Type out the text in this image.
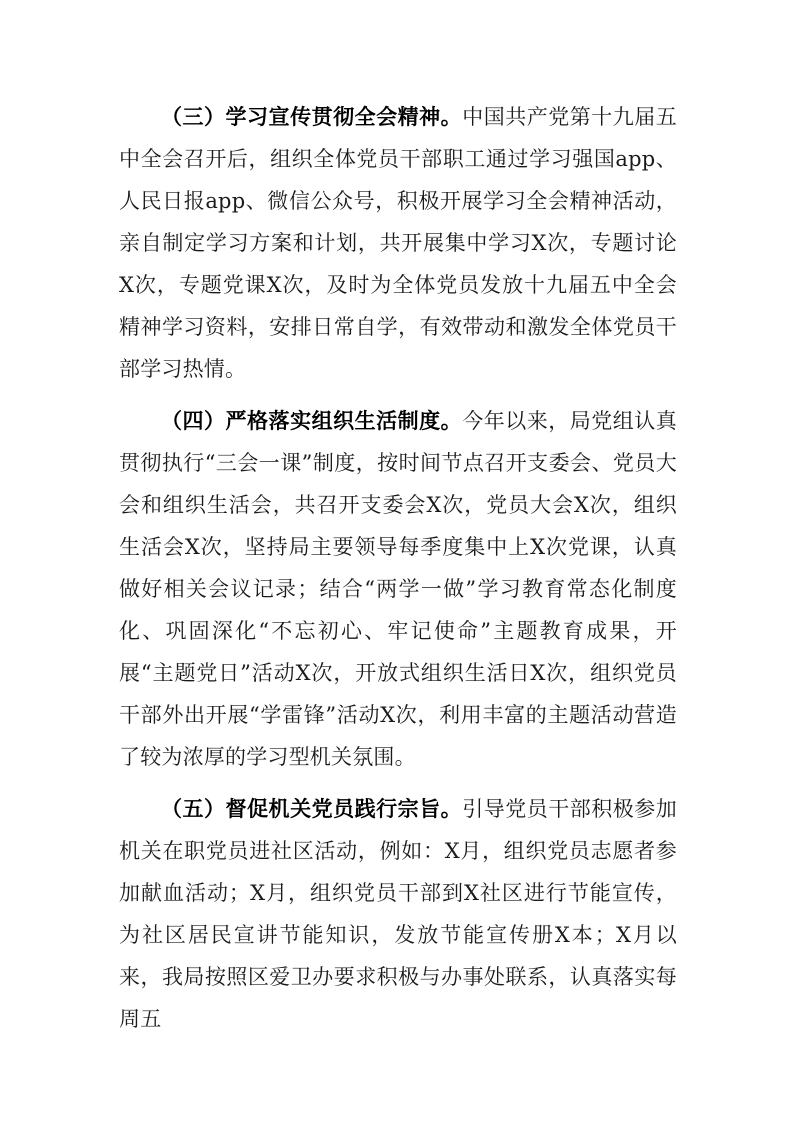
（三）学习宣传贯彻全会精神。中国共产党第十九届五中全会召开后，组织全体党员干部职工通过学习强国app、人民日报app、微信公众号，积极开展学习全会精神活动，亲自制定学习方案和计划，共开展集中学习X次，专题讨论X次，专题党课X次，及时为全体党员发放十九届五中全会精神学习资料，安排日常自学，有效带动和激发全体党员干部学习热情。

（四）严格落实组织生活制度。今年以来，局党组认真贯彻执行“三会一课”制度，按时间节点召开支委会、党员大会和组织生活会，共召开支委会X次，党员大会X次，组织生活会X次，坚持局主要领导每季度集中上X次党课，认真做好相关会议记录；结合“两学一做”学习教育常态化制度化、巩固深化“不忘初心、牢记使命”主题教育成果，开展“主题党日”活动X次，开放式组织生活日X次，组织党员干部外出开展“学雷锋”活动X次，利用丰富的主题活动营造了较为浓厚的学习型机关氛围。

（五）督促机关党员践行宗旨。引导党员干部积极参加机关在职党员进社区活动，例如：X月，组织党员志愿者参加献血活动；X月，组织党员干部到X社区进行节能宣传，为社区居民宣讲节能知识，发放节能宣传册X本；X月以来，我局按照区爱卫办要求积极与办事处联系，认真落实每周五
